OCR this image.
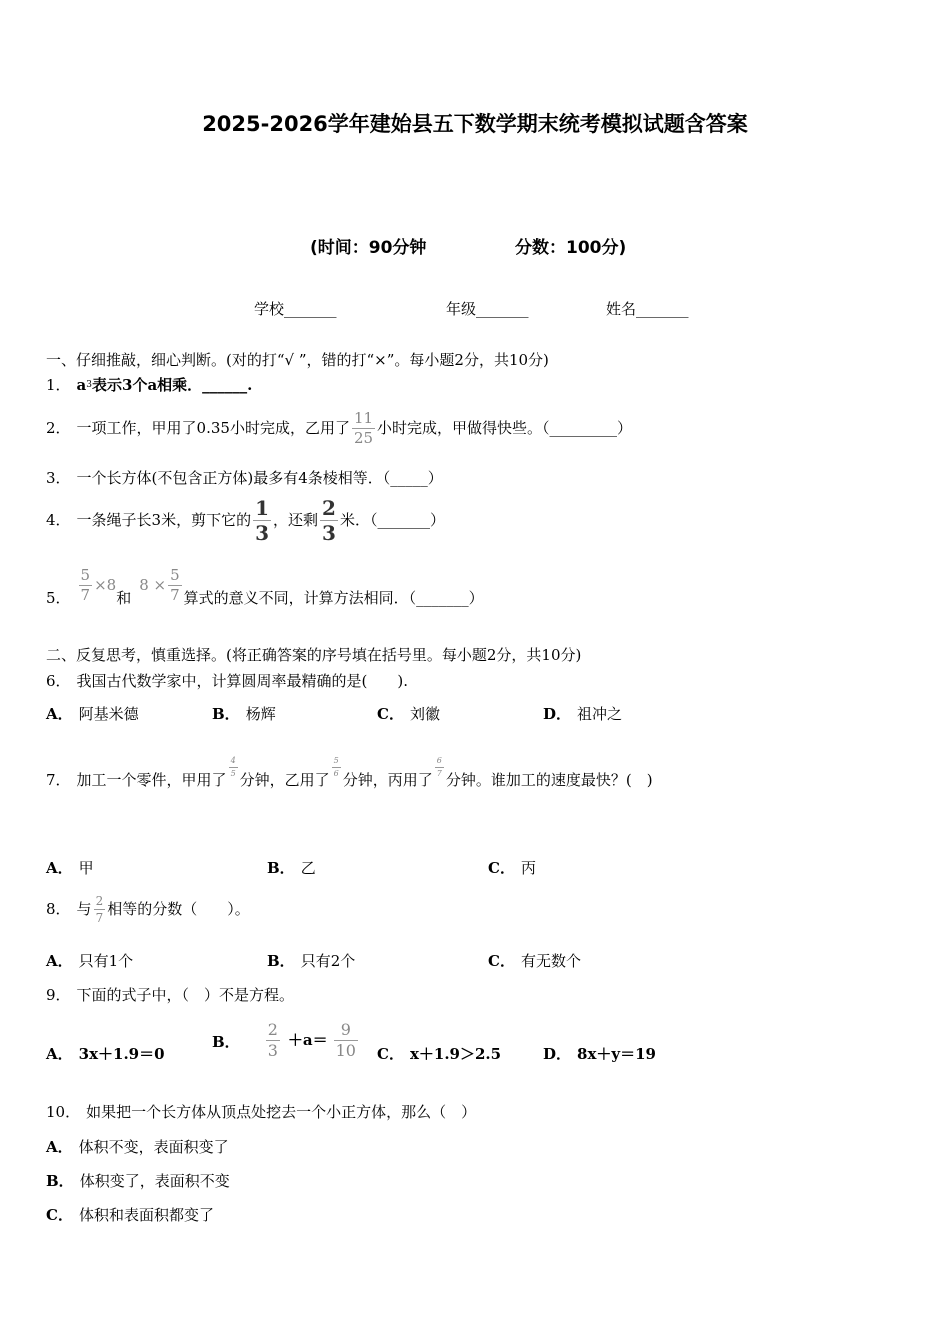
2025-2026学年建始县五下数学期末统考模拟试题含答案
(时间：90分钟	分数：100分)
学校_______	年级_______	姓名_______
一、仔细推敲，细心判断。(对的打“√ ”，错的打“×”。每小题2分，共10分)
1． a 3 表示3个a相乘．______.
2． 一项工作，甲用了0.35小时完成，乙用了 $\frac{11}{25}$ 小时完成，甲做得快些。（_________）
3． 一个长方体(不包含正方体)最多有4条棱相等．（_____）
4． 一条绳子长3米，剪下它的 $\frac{1}{3}$ ，还剩 $\frac{2}{3}$ 米．（_______）
5． $\frac{5}{7} \times 8$
和
$8 \times \frac{5}{7}$ 算式的意义不同，计算方法相同．（_______）
二、反复思考，慎重选择。(将正确答案的序号填在括号里。每小题2分，共10分)
6． 我国古代数学家中，计算圆周率最精确的是(　　).
A． 阿基米德	B． 杨辉	C． 刘徽	D． 祖冲之
7． 加工一个零件，甲用了
$\frac{4}{5}$
分钟，乙用了
$\frac{5}{6}$
分钟，丙用了
$\frac{6}{7}$
分钟。谁加工的速度最快？(　)
A． 甲	B． 乙	C． 丙
8． 与 $\frac{2}{7}$ 相等的分数（　　）。
A． 只有1个	B． 只有2个	C． 有无数个
9． 下面的式子中，（　）不是方程。
A． 3x＋1.9＝0
B． $\frac{2}{3} +a= \frac{9}{10}$ C． x＋1.9＞2.5	D． 8x＋y＝19
10． 如果把一个长方体从顶点处挖去一个小正方体，那么（　）
A． 体积不变，表面积变了
B． 体积变了，表面积不变
C． 体积和表面积都变了
